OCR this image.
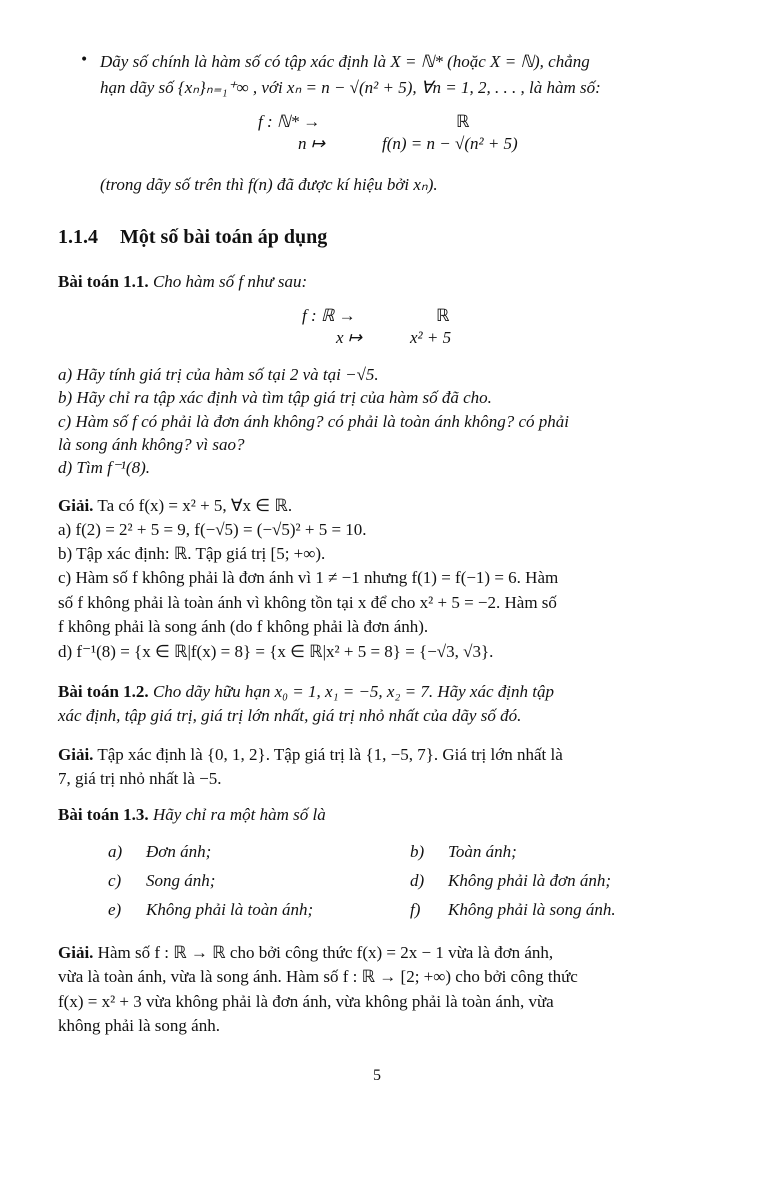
• Dãy số chính là hàm số có tập xác định là X = ℕ* (hoặc X = ℕ), chẳng
hạn dãy số {xₙ}ₙ₌₁⁺∞ , với xₙ = n − √(n² + 5), ∀n = 1, 2, . . . , là hàm số:
f : ℕ* →	ℝ
n ↦	f(n) = n − √(n² + 5)
(trong dãy số trên thì f(n) đã được kí hiệu bởi xₙ).
1.1.4 Một số bài toán áp dụng
Bài toán 1.1. Cho hàm số f như sau:
f : ℝ →	ℝ
x ↦	x² + 5
a) Hãy tính giá trị của hàm số tại 2 và tại −√5.
b) Hãy chỉ ra tập xác định và tìm tập giá trị của hàm số đã cho.
c) Hàm số f có phải là đơn ánh không? có phải là toàn ánh không? có phải
là song ánh không? vì sao?
d) Tìm f⁻¹(8).
Giải. Ta có f(x) = x² + 5, ∀x ∈ ℝ.
a) f(2) = 2² + 5 = 9, f(−√5) = (−√5)² + 5 = 10.
b) Tập xác định: ℝ. Tập giá trị [5; +∞).
c) Hàm số f không phải là đơn ánh vì 1 ≠ −1 nhưng f(1) = f(−1) = 6. Hàm
số f không phải là toàn ánh vì không tồn tại x để cho x² + 5 = −2. Hàm số
f không phải là song ánh (do f không phải là đơn ánh).
d) f⁻¹(8) = {x ∈ ℝ|f(x) = 8} = {x ∈ ℝ|x² + 5 = 8} = {−√3, √3}.
Bài toán 1.2. Cho dãy hữu hạn x₀ = 1, x₁ = −5, x₂ = 7. Hãy xác định tập
xác định, tập giá trị, giá trị lớn nhất, giá trị nhỏ nhất của dãy số đó.
Giải. Tập xác định là {0, 1, 2}. Tập giá trị là {1, −5, 7}. Giá trị lớn nhất là
7, giá trị nhỏ nhất là −5.
Bài toán 1.3. Hãy chỉ ra một hàm số là
a) Đơn ánh;	b) Toàn ánh;
c) Song ánh;	d) Không phải là đơn ánh;
e) Không phải là toàn ánh;	f) Không phải là song ánh.
Giải. Hàm số f : ℝ → ℝ cho bởi công thức f(x) = 2x − 1 vừa là đơn ánh,
vừa là toàn ánh, vừa là song ánh. Hàm số f : ℝ → [2; +∞) cho bởi công thức
f(x) = x² + 3 vừa không phải là đơn ánh, vừa không phải là toàn ánh, vừa
không phải là song ánh.
5
